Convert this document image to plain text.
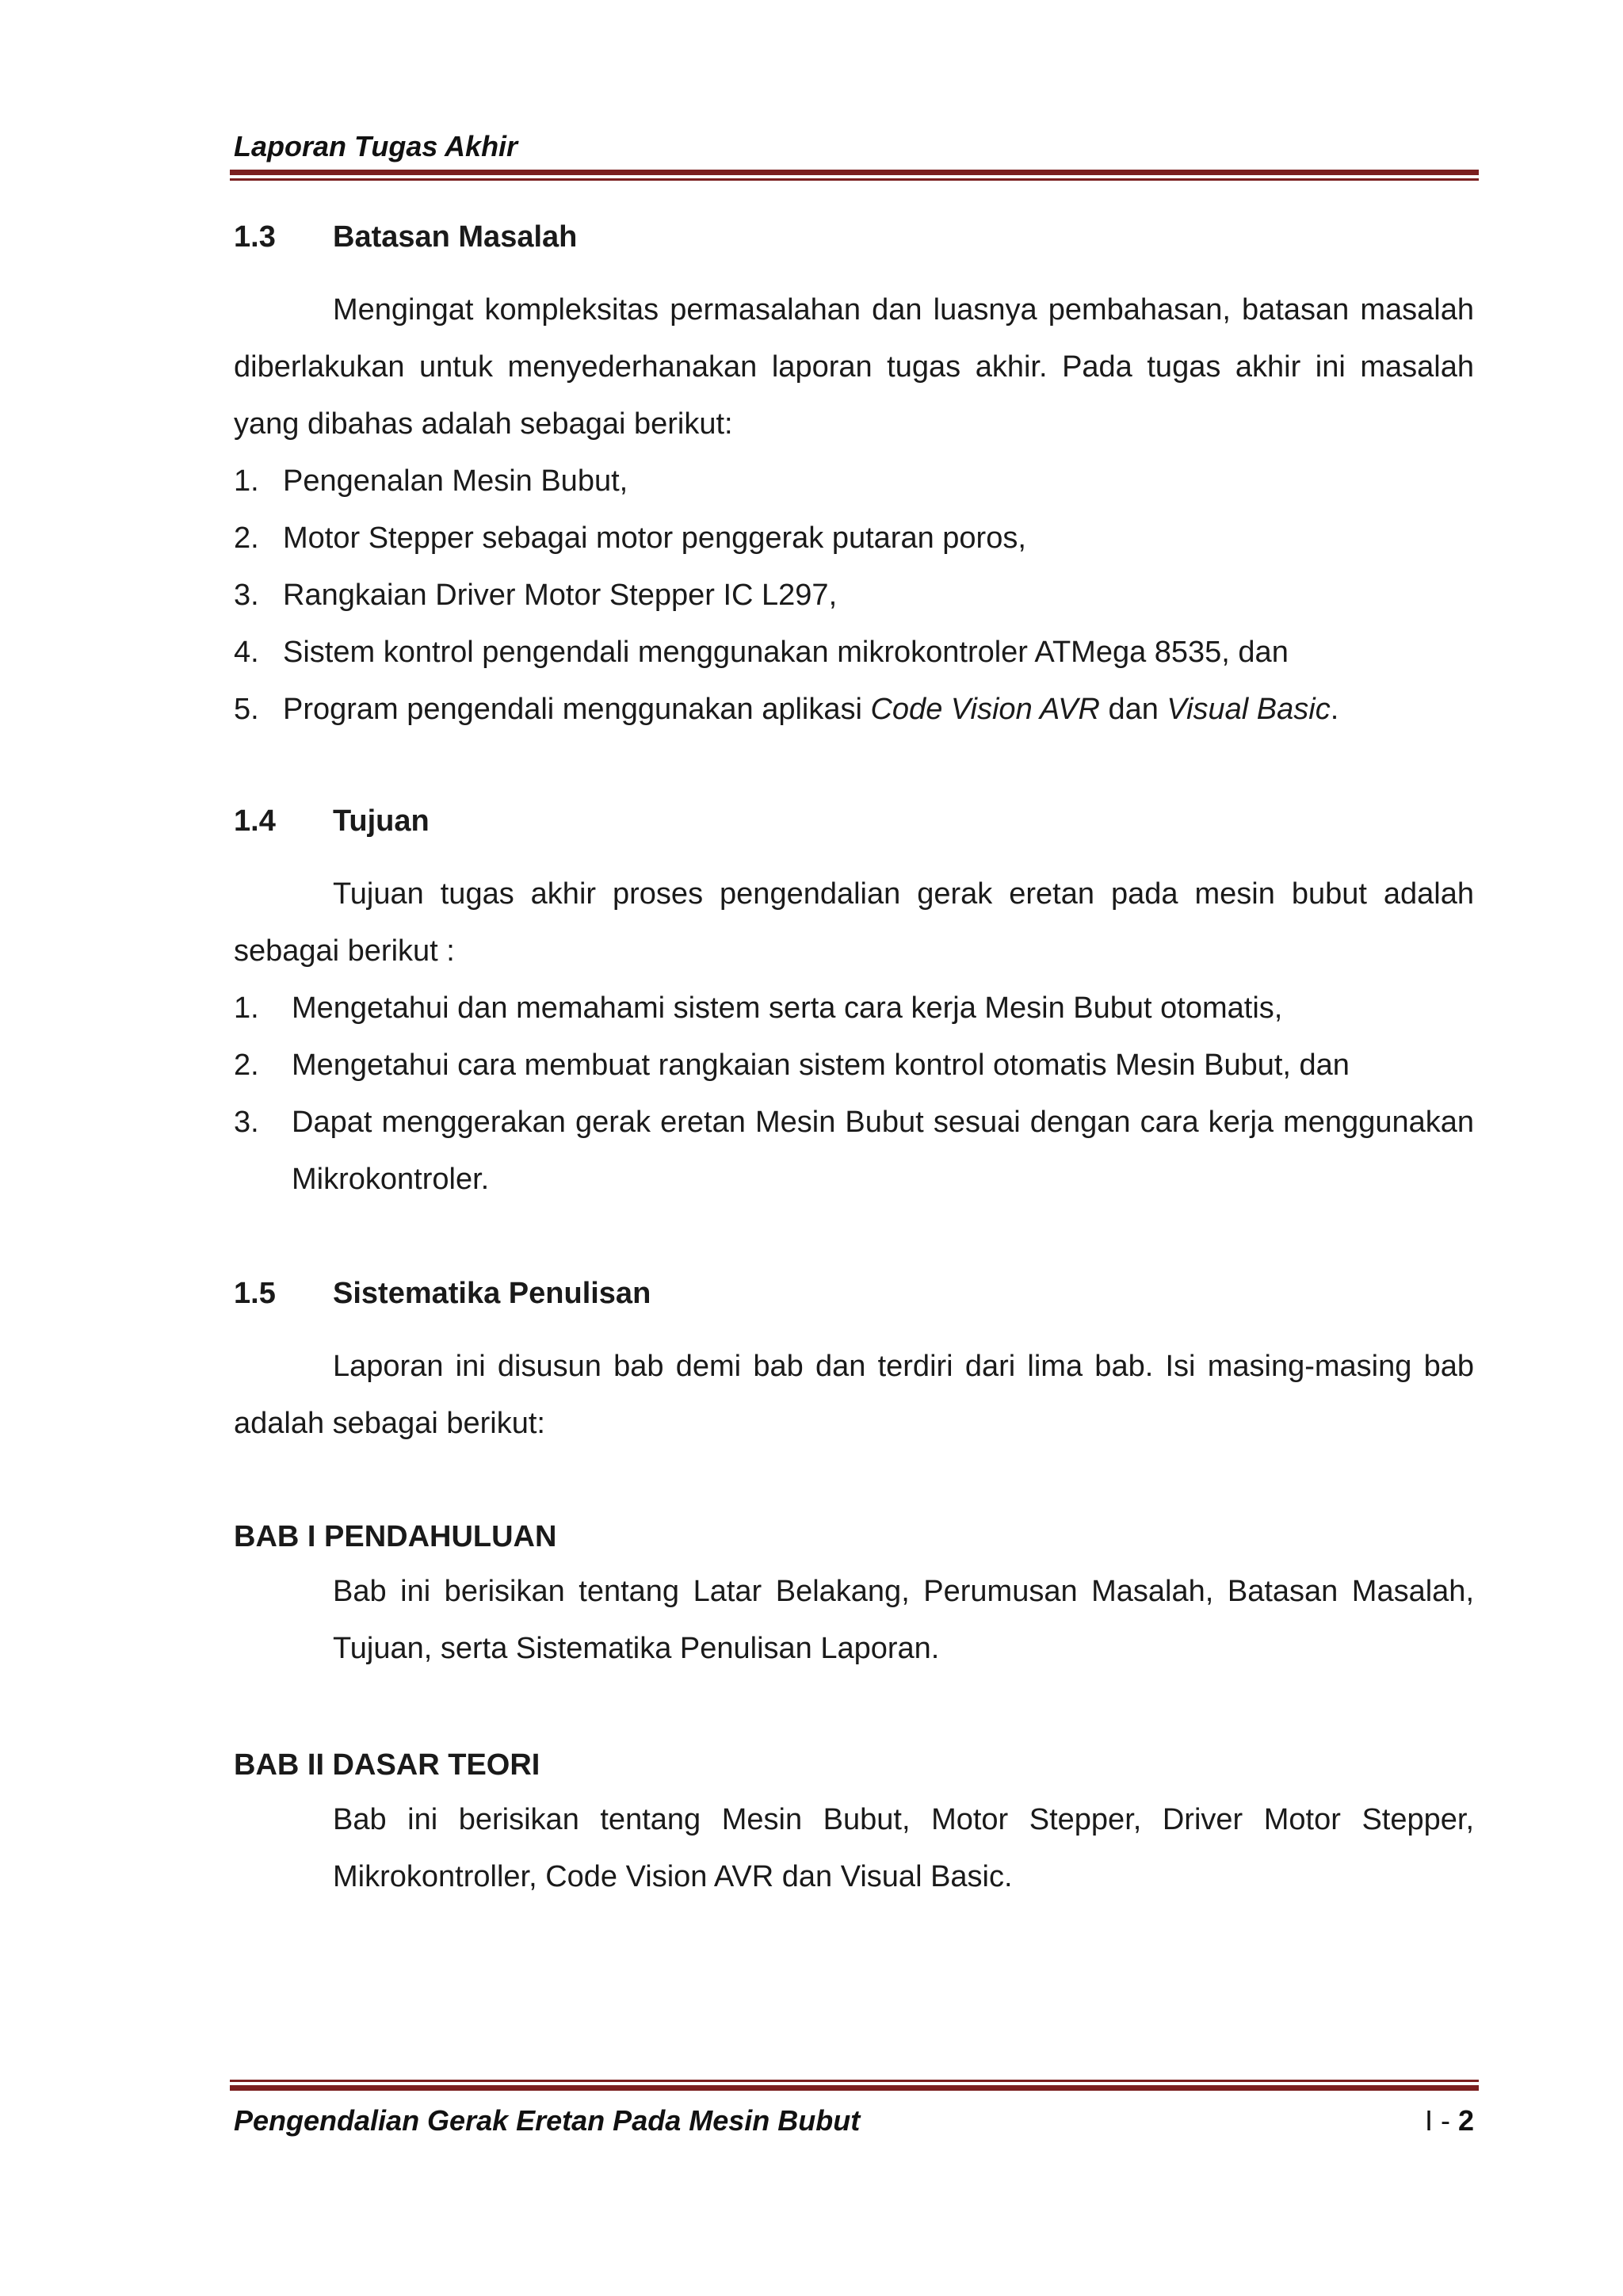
Laporan Tugas Akhir
1.3 Batasan Masalah

Mengingat kompleksitas permasalahan dan luasnya pembahasan, batasan masalah diberlakukan untuk menyederhanakan laporan tugas akhir. Pada tugas akhir ini masalah yang dibahas adalah sebagai berikut:

1. Pengenalan Mesin Bubut,
2. Motor Stepper sebagai motor penggerak putaran poros,
3. Rangkaian Driver Motor Stepper IC L297,
4. Sistem kontrol pengendali menggunakan mikrokontroler ATMega 8535, dan
5. Program pengendali menggunakan aplikasi Code Vision AVR dan Visual Basic.
1.4 Tujuan

Tujuan tugas akhir proses pengendalian gerak eretan pada mesin bubut adalah sebagai berikut :

1. Mengetahui dan memahami sistem serta cara kerja Mesin Bubut otomatis,
2. Mengetahui cara membuat rangkaian sistem kontrol otomatis Mesin Bubut, dan
3. Dapat menggerakan gerak eretan Mesin Bubut sesuai dengan cara kerja menggunakan Mikrokontroler.
1.5 Sistematika Penulisan

Laporan ini disusun bab demi bab dan terdiri dari lima bab. Isi masing-masing bab adalah sebagai berikut:

BAB I PENDAHULUAN

Bab ini berisikan tentang Latar Belakang, Perumusan Masalah, Batasan Masalah, Tujuan, serta Sistematika Penulisan Laporan.

BAB II DASAR TEORI

Bab ini berisikan tentang Mesin Bubut, Motor Stepper, Driver Motor Stepper, Mikrokontroller, Code Vision AVR dan Visual Basic.

Pengendalian Gerak Eretan Pada Mesin Bubut	I - 2
